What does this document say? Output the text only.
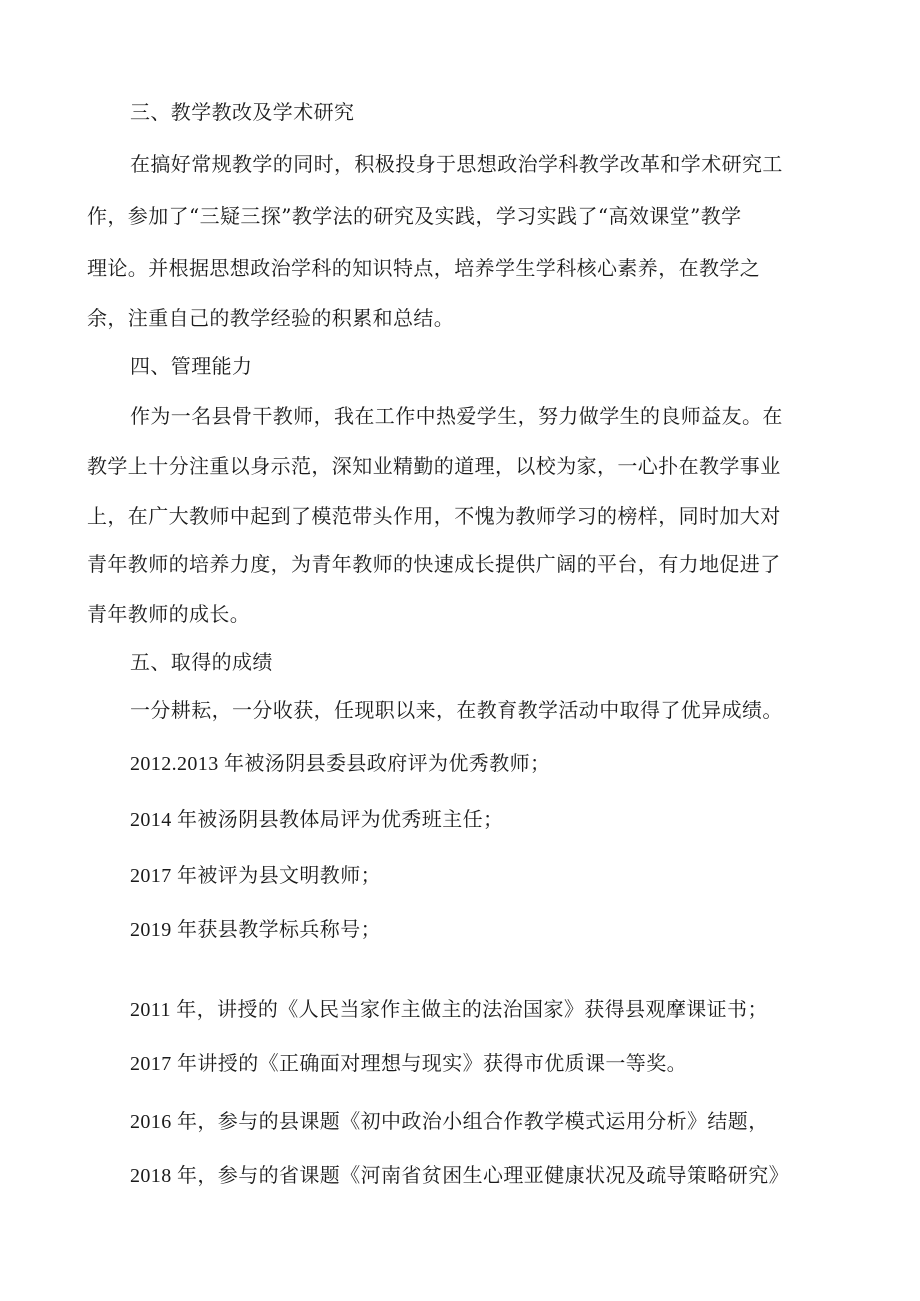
三、教学教改及学术研究

在搞好常规教学的同时，积极投身于思想政治学科教学改革和学术研究工

作，参加了“三疑三探”教学法的研究及实践，学习实践了“高效课堂”教学

理论。并根据思想政治学科的知识特点，培养学生学科核心素养，在教学之

余，注重自己的教学经验的积累和总结。

四、管理能力

作为一名县骨干教师，我在工作中热爱学生，努力做学生的良师益友。在

教学上十分注重以身示范，深知业精勤的道理，以校为家，一心扑在教学事业

上，在广大教师中起到了模范带头作用，不愧为教师学习的榜样，同时加大对

青年教师的培养力度，为青年教师的快速成长提供广阔的平台，有力地促进了

青年教师的成长。

五、取得的成绩

一分耕耘，一分收获，任现职以来，在教育教学活动中取得了优异成绩。

2012.2013 年被汤阴县委县政府评为优秀教师；

2014 年被汤阴县教体局评为优秀班主任；

2017 年被评为县文明教师；

2019 年获县教学标兵称号；

2011 年，讲授的《人民当家作主做主的法治国家》获得县观摩课证书；

2017 年讲授的《正确面对理想与现实》获得市优质课一等奖。

2016 年，参与的县课题《初中政治小组合作教学模式运用分析》结题，

2018 年，参与的省课题《河南省贫困生心理亚健康状况及疏导策略研究》
